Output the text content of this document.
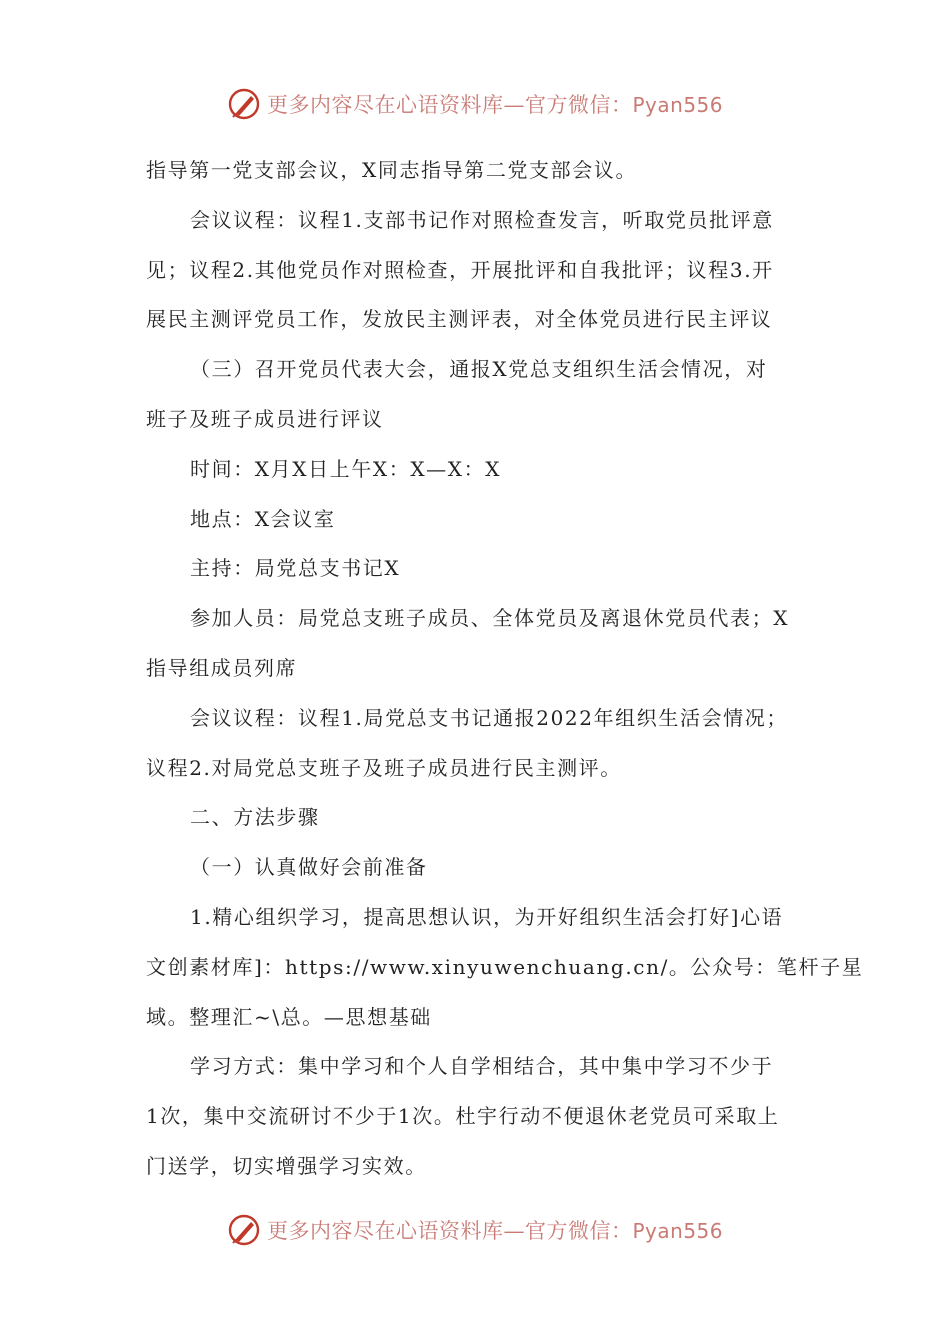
更多内容尽在心语资料库—官方微信：Pyan556
指导第一党支部会议，X同志指导第二党支部会议。
会议议程：议程1.支部书记作对照检查发言，听取党员批评意
见；议程2.其他党员作对照检查，开展批评和自我批评；议程3.开
展民主测评党员工作，发放民主测评表，对全体党员进行民主评议
（三）召开党员代表大会，通报X党总支组织生活会情况，对
班子及班子成员进行评议
时间：X月X日上午X：X—X：X
地点：X会议室
主持：局党总支书记X
参加人员：局党总支班子成员、全体党员及离退休党员代表；X
指导组成员列席
会议议程：议程1.局党总支书记通报2022年组织生活会情况；
议程2.对局党总支班子及班子成员进行民主测评。
二、方法步骤
（一）认真做好会前准备
1.精心组织学习，提高思想认识，为开好组织生活会打好]心语
文创素材库]：https://www.xinyuwenchuang.cn/。公众号：笔杆子星
域。整理汇~\总。—思想基础
学习方式：集中学习和个人自学相结合，其中集中学习不少于
1次，集中交流研讨不少于1次。杜宇行动不便退休老党员可采取上
门送学，切实增强学习实效。
更多内容尽在心语资料库—官方微信：Pyan556
